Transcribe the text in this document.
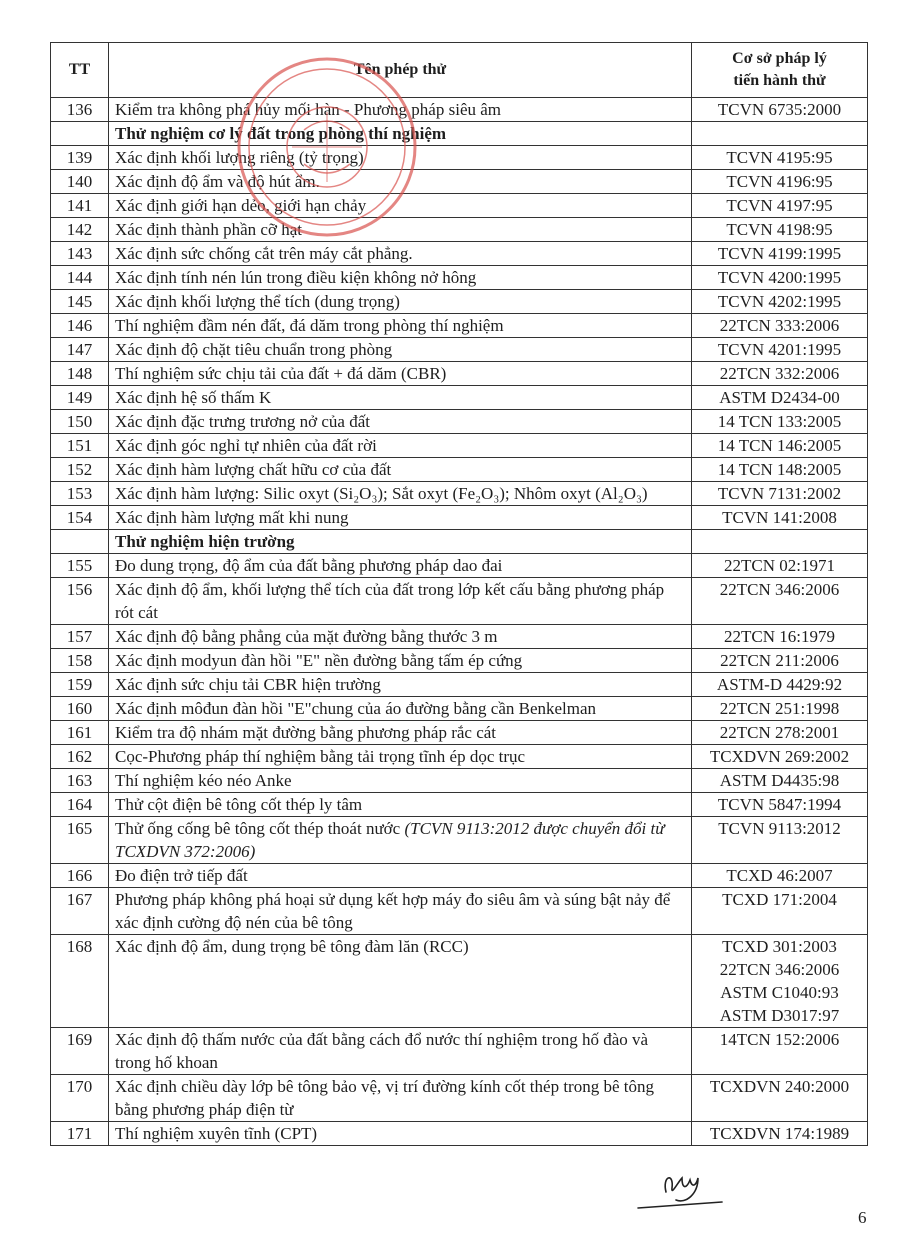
TT	Tên phép thử	Cơ sở pháp lý
tiến hành thử

136	Kiểm tra không phá hủy mối hàn - Phương pháp siêu âm	TCVN 6735:2000

	Thử nghiệm cơ lý đất trong phòng thí nghiệm	
139	Xác định khối lượng riêng (tỷ trọng)	TCVN 4195:95

140	Xác định độ ẩm và độ hút ẩm.	TCVN 4196:95

141	Xác định giới hạn dẻo, giới hạn chảy	TCVN 4197:95

142	Xác định thành phần cỡ hạt	TCVN 4198:95

143	Xác định sức chống cắt trên máy cắt phẳng.	TCVN 4199:1995

144	Xác định tính nén lún trong điều kiện không nở hông	TCVN 4200:1995

145	Xác định khối lượng thể tích (dung trọng)	TCVN 4202:1995

146	Thí nghiệm đầm nén đất, đá dăm trong phòng thí nghiệm	22TCN 333:2006

147	Xác định độ chặt tiêu chuẩn trong phòng	TCVN 4201:1995

148	Thí nghiệm sức chịu tải của đất + đá dăm (CBR)	22TCN 332:2006

149	Xác định hệ số thấm K	ASTM D2434-00

150	Xác định đặc trưng trương nở của đất	14 TCN 133:2005

151	Xác định góc nghỉ tự nhiên của đất rời	14 TCN 146:2005

152	Xác định hàm lượng chất hữu cơ của đất	14 TCN 148:2005

153	Xác định hàm lượng: Silic oxyt (Si₂O₃); Sắt oxyt (Fe₂O₃); Nhôm oxyt (Al₂O₃)	TCVN 7131:2002

154	Xác định hàm lượng mất khi nung	TCVN 141:2008

	Thử nghiệm hiện trường	
155	Đo dung trọng, độ ẩm của đất bằng phương pháp dao đai	22TCN 02:1971

156	Xác định độ ẩm, khối lượng thể tích của đất trong lớp kết cấu bằng phương pháp rót cát	22TCN 346:2006

157	Xác định độ bằng phẳng của mặt đường bằng thước 3 m	22TCN 16:1979

158	Xác định modyun đàn hồi "E" nền đường bằng tấm ép cứng	22TCN 211:2006

159	Xác định sức chịu tải CBR hiện trường	ASTM-D 4429:92

160	Xác định môđun đàn hồi "E"chung của áo đường bằng cần Benkelman	22TCN 251:1998

161	Kiểm tra độ nhám mặt đường bằng phương pháp rắc cát	22TCN 278:2001

162	Cọc-Phương pháp thí nghiệm bằng tải trọng tĩnh ép dọc trục	TCXDVN 269:2002

163	Thí nghiệm kéo néo Anke	ASTM D4435:98

164	Thử cột điện bê tông cốt thép ly tâm	TCVN 5847:1994

165	Thử ống cống bê tông cốt thép thoát nước (TCVN 9113:2012 được chuyển đổi từ TCXDVN 372:2006)	TCVN 9113:2012

166	Đo điện trở tiếp đất	TCXD 46:2007

167	Phương pháp không phá hoại sử dụng kết hợp máy đo siêu âm và súng bật nảy để xác định cường độ nén của bê tông	TCXD 171:2004

168	Xác định độ ẩm, dung trọng bê tông đàm lăn (RCC)	TCXD 301:2003
22TCN 346:2006
ASTM C1040:93
ASTM D3017:97

169	Xác định độ thấm nước của đất bằng cách đổ nước thí nghiệm trong hố đào và trong hố khoan	14TCN 152:2006

170	Xác định chiều dày lớp bê tông bảo vệ, vị trí đường kính cốt thép trong bê tông bằng phương pháp điện từ	TCXDVN 240:2000

171	Thí nghiệm xuyên tĩnh (CPT)	TCXDVN 174:1989
6
